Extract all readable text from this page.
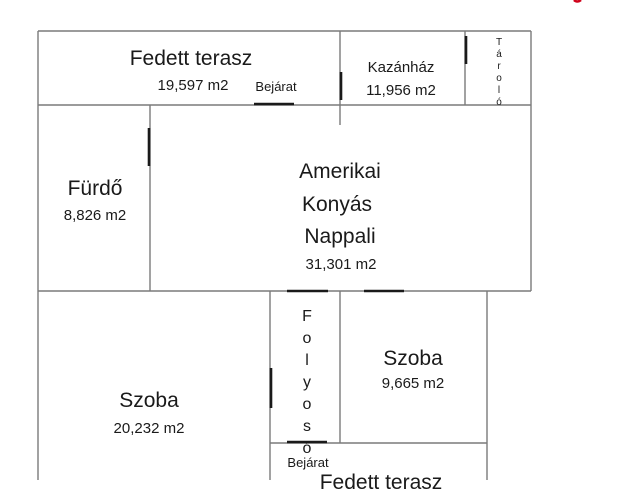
Fedett terasz
19,597 m2 Bejárat
Kazánház
11,956 m2
T
á
r
o
l
ó
Fürdő
8,826 m2
Amerikai
Konyás
Nappali
31,301 m2
F
o
l
y
o
s
ó
Szoba
9,665 m2
Szoba
20,232 m2
Bejárat
Fedett terasz
